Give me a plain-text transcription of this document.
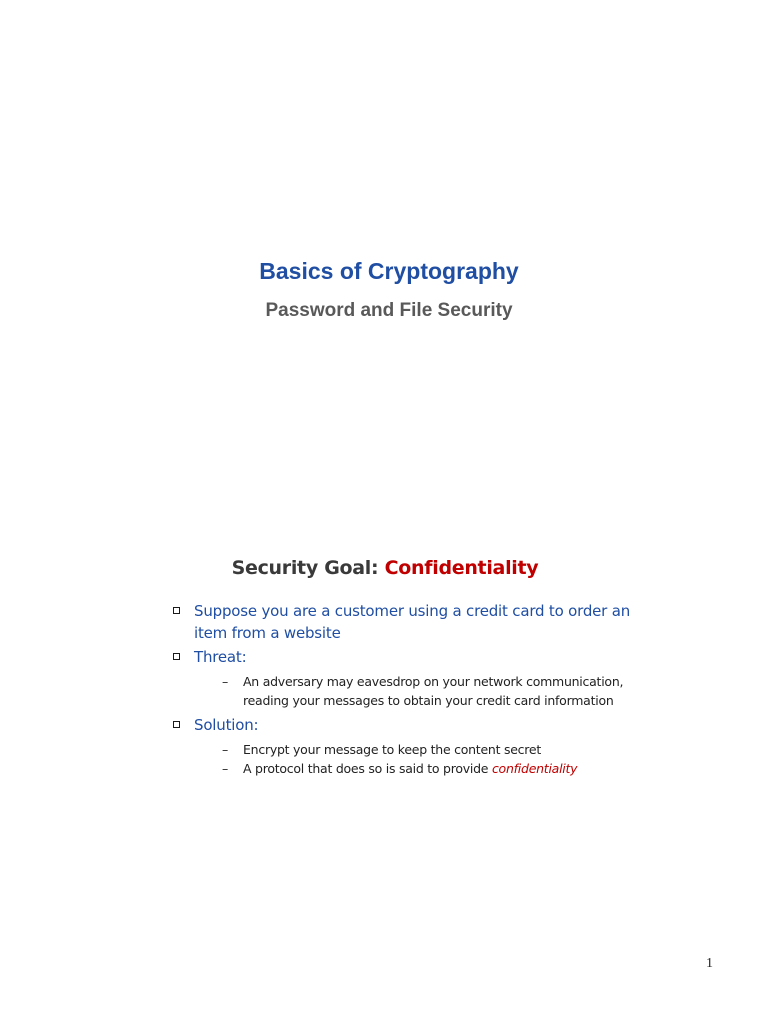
Basics of Cryptography
Password and File Security
Security Goal: Confidentiality
Suppose you are a customer using a credit card to order an item from a website
Threat:
– An adversary may eavesdrop on your network communication, reading your messages to obtain your credit card information
Solution:
– Encrypt your message to keep the content secret
– A protocol that does so is said to provide confidentiality
1
